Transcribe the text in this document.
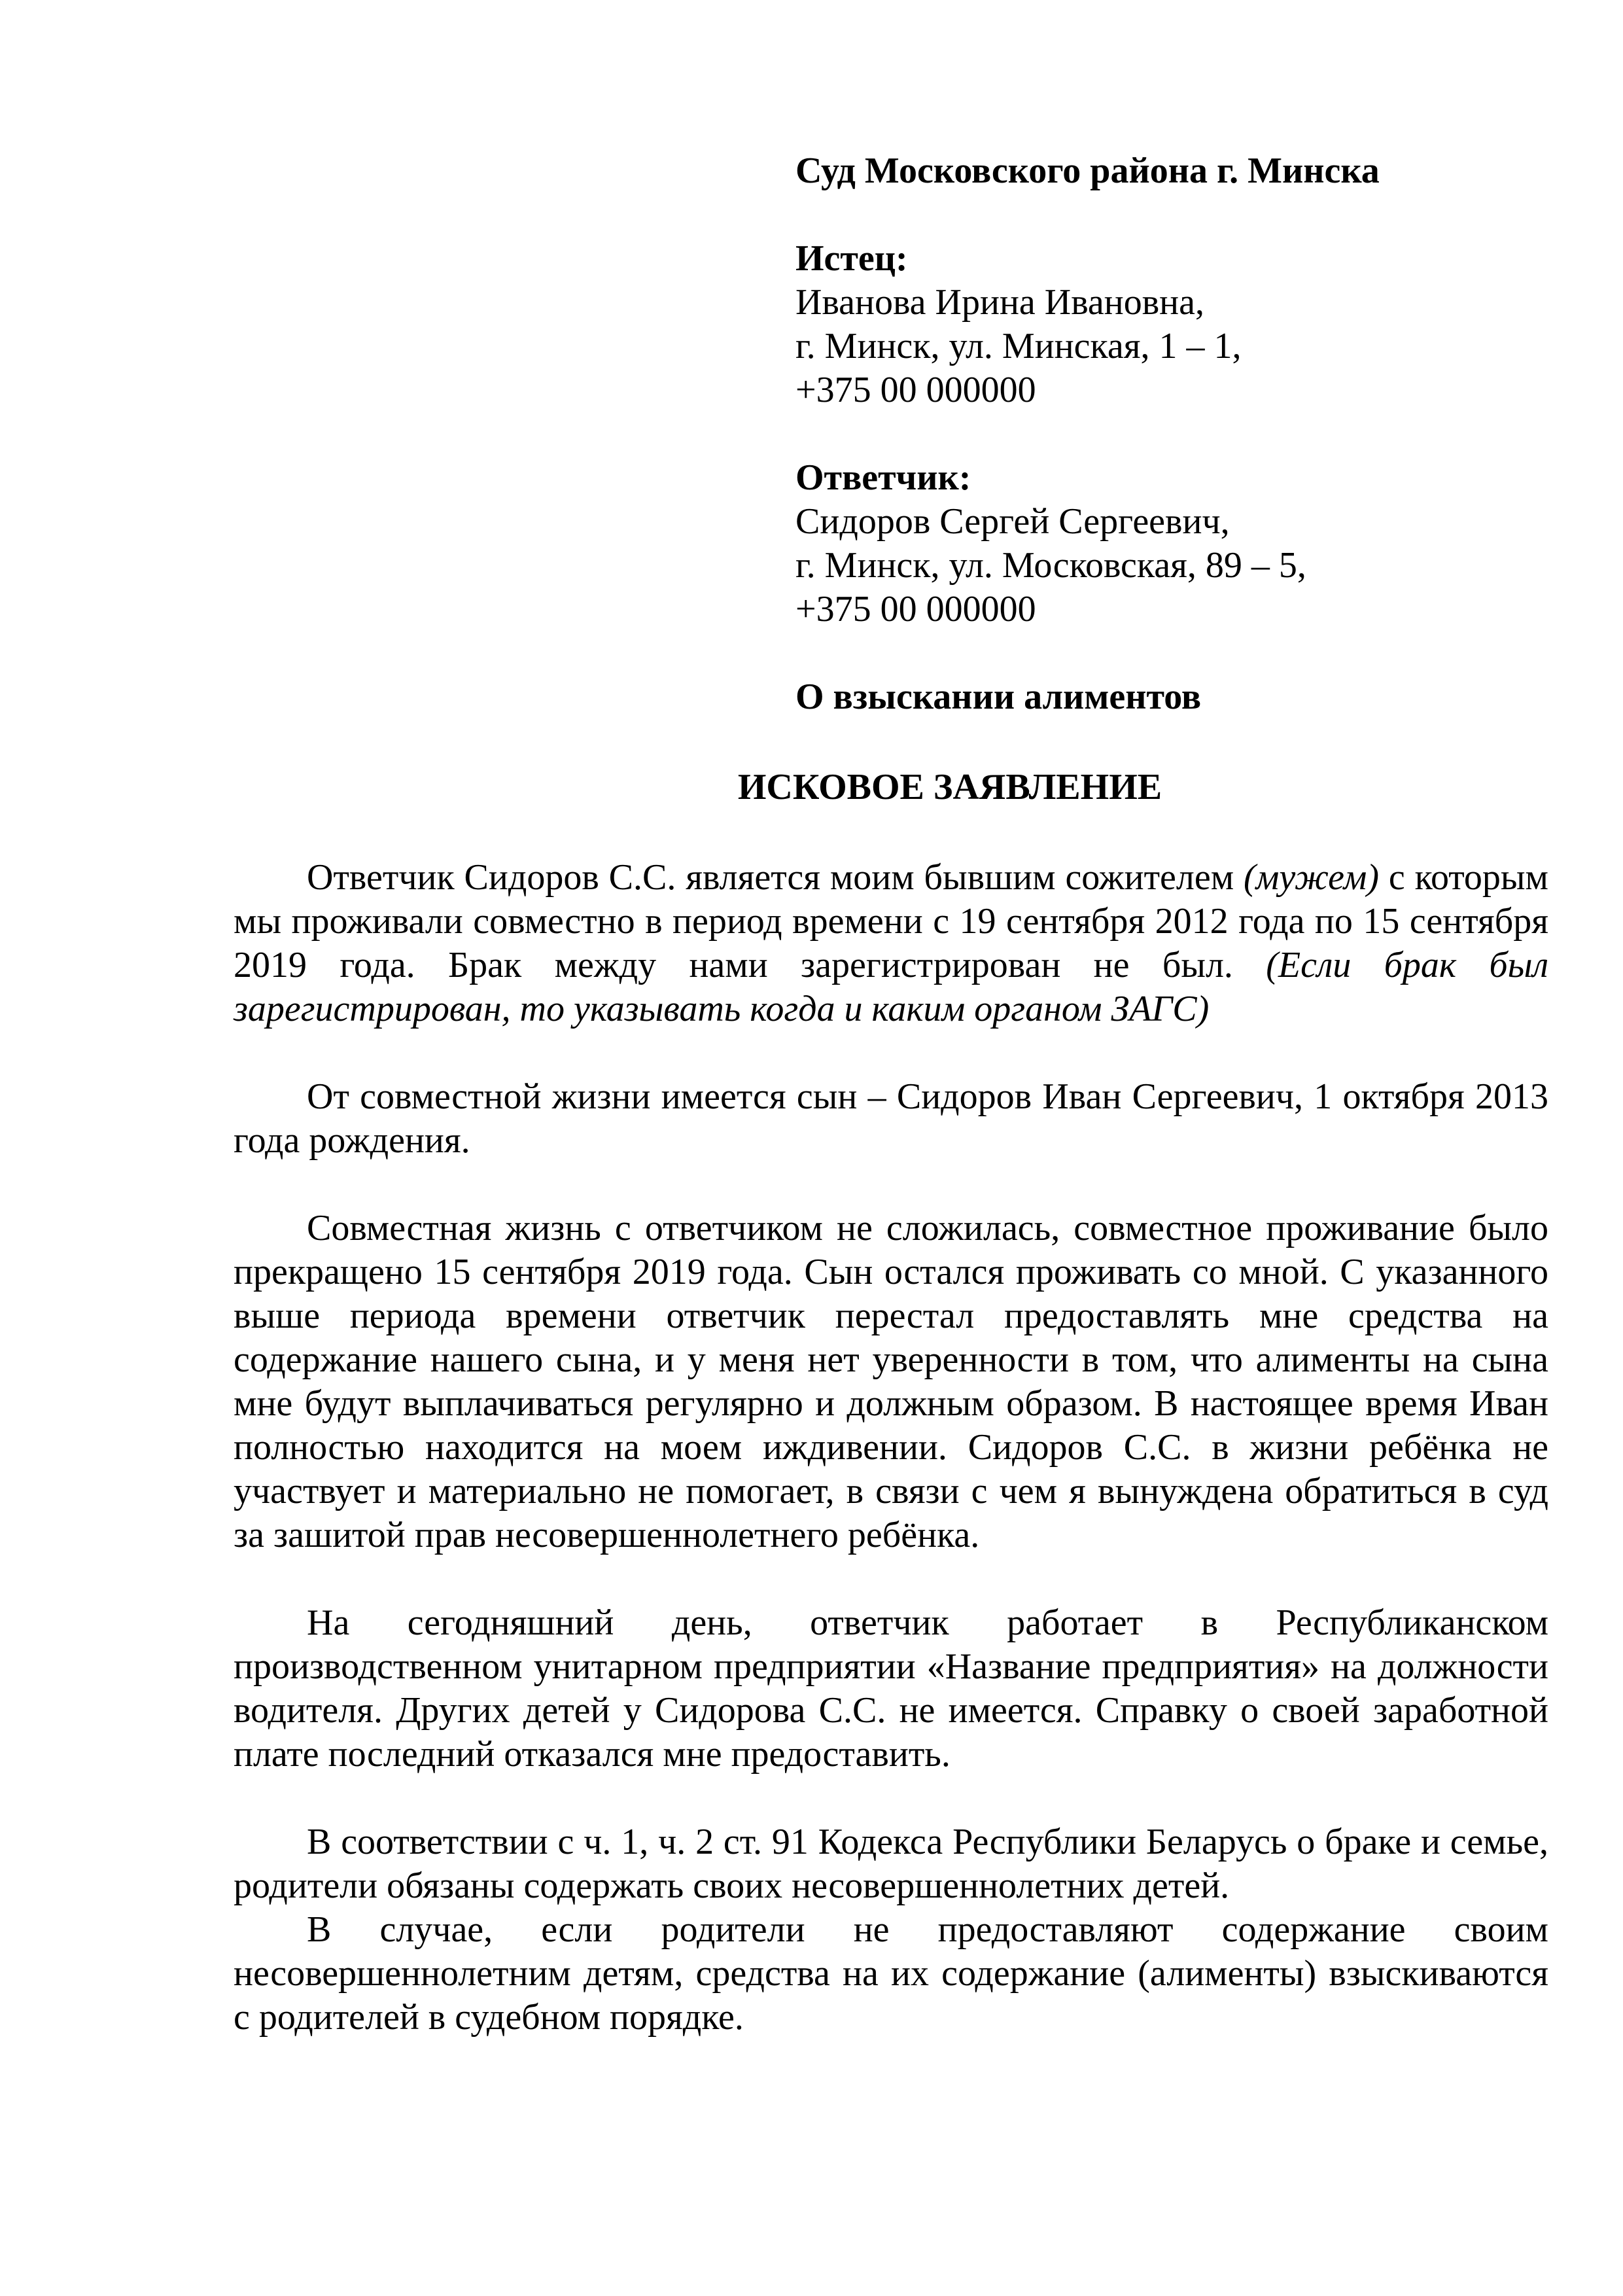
Суд Московского района г. Минска
Истец:
Иванова Ирина Ивановна,
г. Минск, ул. Минская, 1 – 1,
+375 00 000000
Ответчик:
Сидоров Сергей Сергеевич,
г. Минск, ул. Московская, 89 – 5,
+375 00 000000
О взыскании алиментов
ИСКОВОЕ ЗАЯВЛЕНИЕ

Ответчик Сидоров С.С. является моим бывшим сожителем (мужем) с которым мы проживали совместно в период времени с 19 сентября 2012 года по 15 сентября 2019 года. Брак между нами зарегистрирован не был. (Если брак был зарегистрирован, то указывать когда и каким органом ЗАГС)

От совместной жизни имеется сын – Сидоров Иван Сергеевич, 1 октября 2013 года рождения.

Совместная жизнь с ответчиком не сложилась, совместное проживание было прекращено 15 сентября 2019 года. Сын остался проживать со мной. С указанного выше периода времени ответчик перестал предоставлять мне средства на содержание нашего сына, и у меня нет уверенности в том, что алименты на сына мне будут выплачиваться регулярно и должным образом. В настоящее время Иван полностью находится на моем иждивении. Сидоров С.С. в жизни ребёнка не участвует и материально не помогает, в связи с чем я вынуждена обратиться в суд за зашитой прав несовершеннолетнего ребёнка.

На сегодняшний день, ответчик работает в Республиканском производственном унитарном предприятии «Название предприятия» на должности водителя. Других детей у Сидорова С.С. не имеется. Справку о своей заработной плате последний отказался мне предоставить.

В соответствии с ч. 1, ч. 2 ст. 91 Кодекса Республики Беларусь о браке и семье, родители обязаны содержать своих несовершеннолетних детей.

В случае, если родители не предоставляют содержание своим несовершеннолетним детям, средства на их содержание (алименты) взыскиваются с родителей в судебном порядке.
